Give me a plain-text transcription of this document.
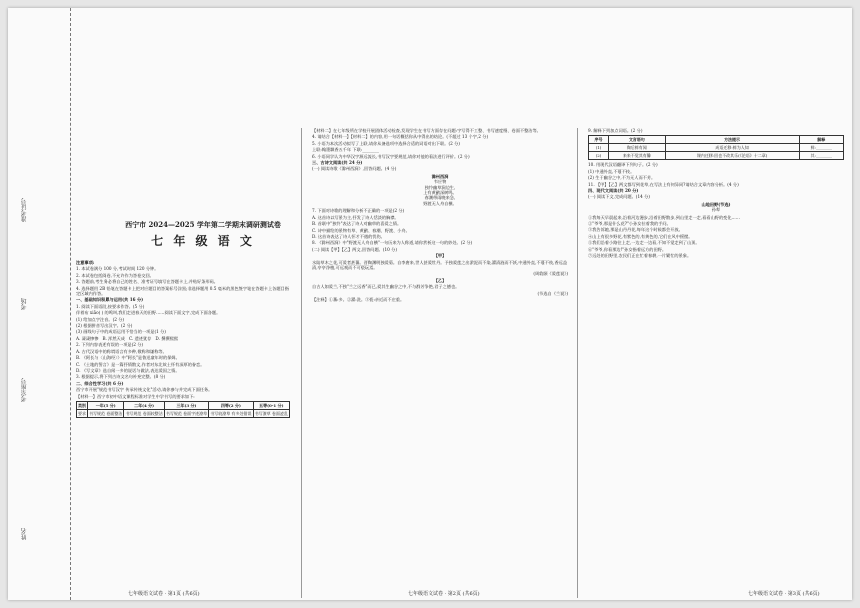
准考证号
考场
考室座号
姓名
西宁市 2024—2025 学年第二学期末调研测试卷
七 年 级 语 文

注意事项:

1. 本试卷满分 100 分,考试时间 120 分钟。

2. 本试卷包括阅卷,不允许作为答卷交回。

3. 答题前,考生务必将自己的姓名、准考证号填写在答题卡上,并贴好条形码。

4. 选择题用 2B 铅笔在答题卡上把对应题目的答案标号涂黑;非选择题用 0.5 毫米的黑色签字笔在答题卡上各题目指定区域内作答。

一、基础知识积累与运用(共 16 分)

1. 阅读下面语段,按要求作答。(5 分)

伴着布 xiāo( ) 的鸣叫,我们走进春天的田野……阅读下面文字,完成下面各题。

(1) 给加点字注音。(2 分)

(2) 根据拼音写出汉字。(2 分)

(3) 画线句子中的成语运用不恰当的一项是(1 分)

A. 凄凄惨惨 B. 浑然天成 C. 遗迹犹存 D. 撰撰熙熙

2. 下列内容表述有误的一项是(2 分)

A. 古代汉语中的称谓语言有多种,敬称和谦称等。

B. 《阿长与〈山海经〉》中"阿长"是鲁迅童年时的保姆。

C. 《土地的誓言》是一篇抒情散文,作者对东北故土怀有深厚的眷恋。

D. 《写文章》选自闻一多的说话与做法,表达爱国之情。

3. 根据提示,将下列古诗文名句补充完整。(8 分)

二、综合性学习(共 6 分)

西宁市开展"规范书写汉字 传承传统文化"活动,请你参与并完成下面任务。

【材料一】西宁市初中语文课程标准对学生中学书写的要求如下:

类别	一年(5 分)	二年(4 分)	三年(3 分)	四等(2 分)	五等(0-1 分)
要求	书写规范 卷面整洁	书写规范 卷面较整洁	书写规范 卷面字迹潦草	书写较潦草 有多处错误	书写潦草 卷面凌乱

【材料二】在七年级所在学校开展团体活动检查,发现学生在书写方面存在问题:字写得不工整、书写速度慢、卷面不整洁等。

4. 请结合【材料一】【材料二】的内容,用一句话概括你从中得出的结论。(不超过 13 个字,2 分)

5. 小语为本次活动拟写了上联,请你从备选项中选择合适的词语对出下联。(2 分)

上联:翰墨飘香五千年 下联:________

6. 小语同学认为中华汉字源远流长,书写汉字要规范,请你对他的看法进行评价。(2 分)

三、古诗文阅读(共 24 分)

(一) 阅读诗歌《滁州西涧》,回答问题。(4 分)

滁州西涧
韦应物
独怜幽草涧边生,
上有黄鹂深树鸣。
春潮带雨晚来急,
野渡无人舟自横。

7. 下面对诗歌的理解和分析不正确的一项是(2 分)

A. 这首诗以写景为主,抒发了诗人恬淡的胸襟。

B. 首联中"独怜"表达了诗人对幽草的喜爱之情。

C. 诗中描绘的景物有草、黄鹂、春潮、野渡、小舟。

D. 这首诗表达了诗人怀才不遇的忧伤。

8. 《滁州西涧》中"野渡无人舟自横"一句历来为人称道,请你赏析这一句的妙处。(2 分)

(二) 阅读【甲】【乙】两文,回答问题。(10 分)

【甲】

水陆草木之花,可爱者甚蕃。晋陶渊明独爱菊。自李唐来,世人甚爱牡丹。予独爱莲之出淤泥而不染,濯清涟而不妖,中通外直,不蔓不枝,香远益清,亭亭净植,可远观而不可亵玩焉。

(周敦颐《爱莲说》)

【乙】

自古人如爱兰,不独"兰之远香"而已,爱其生幽谷之中,不与群芳争艳,君子之德也。

(节选自《兰说》)

【注释】①蕃:多。②濯:洗。③亵:亲近而不庄重。

9. 解释下列加点词语。(2 分)

序号	文言语句	方法提示	解释
(1)	陶后鲜有闻	成语迁移:鲜为人知	鲜:________
(2)	来来不觉其有馨	课内迁移:回也不改其乐(《论语》十二章)	其:________

10. 用现代汉语翻译下列句子。(2 分)

(1) 中通外直,不蔓不枝。

(2) 生于幽谷之中,不为无人而不芳。

11. 【甲】【乙】两文都写到花草,在写法上有何异同?请结合文章内容分析。(4 分)

四、现代文阅读(共 20 分)

(一) 阅读下文,完成问题。(14 分)

山地田野(节选)
孙犁

①我每天早晨起来,沿着河边漫步,沿着田野散步,到山里走一走,看看山野的变化……

②"爷爷,那是什么花?"小孙女拉着我的手问。

③我告诉她,那是山丹丹花,每年这个时候都会开放。

④山上有很多野花,有紫色的,有黄色的,它们在风中摇摆。

⑤我们沿着小路往上走,一边走一边看,不知不觉走到了山顶。

⑥"爷爷,你看那边!"孙女指着远方的田野。

⑦远处的田野里,农民们正在忙着春耕,一片繁忙的景象。

七年级语文试卷 · 第1页 (共6页)	七年级语文试卷 · 第2页 (共6页)	七年级语文试卷 · 第3页 (共6页)
